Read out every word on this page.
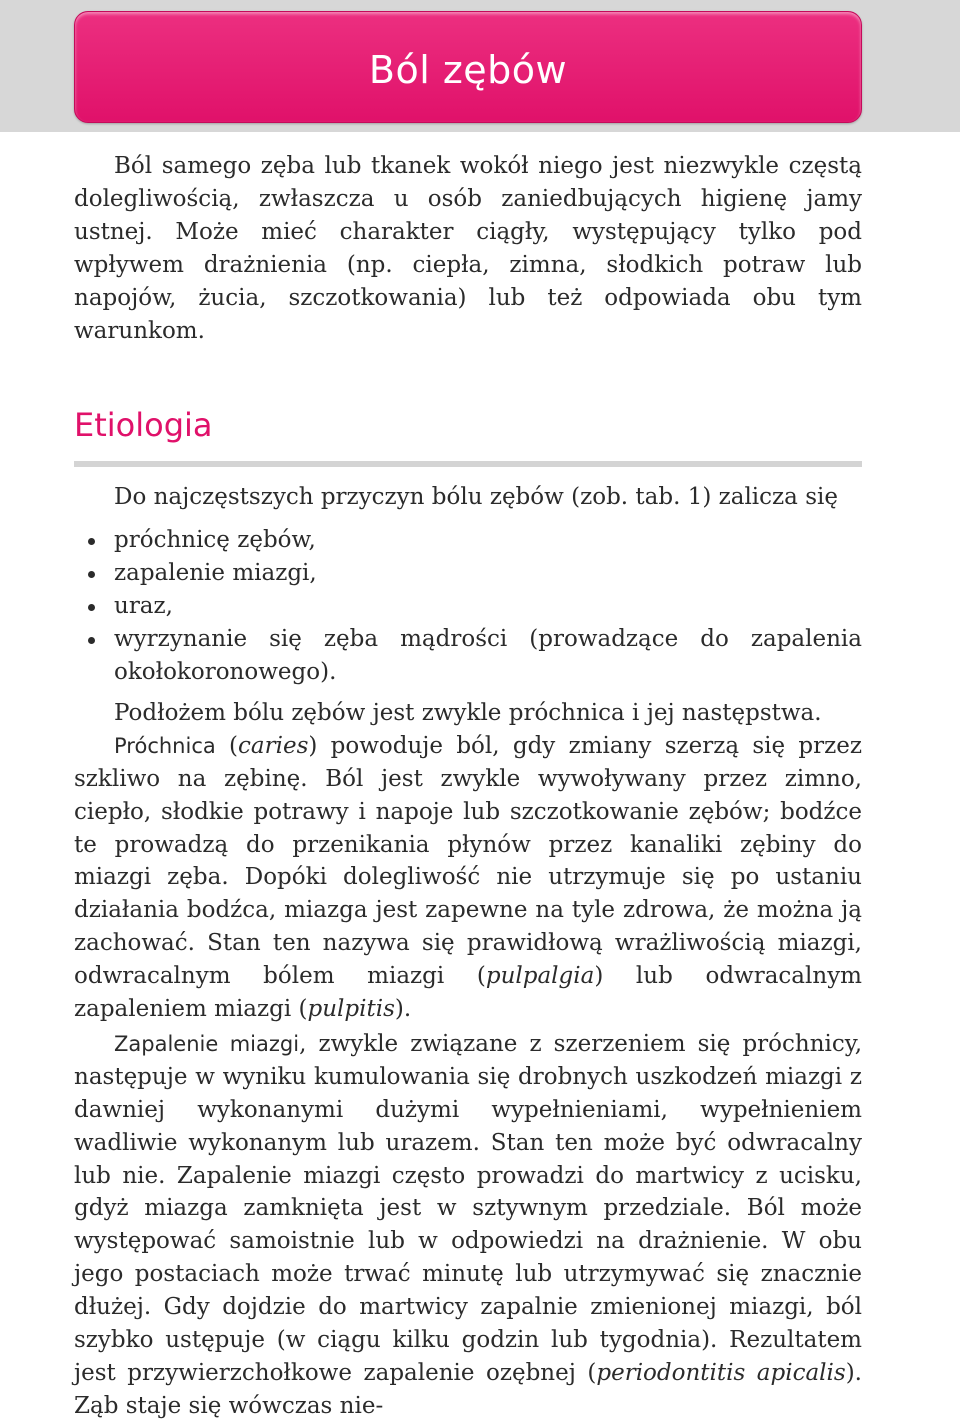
Ból zębów

Ból samego zęba lub tkanek wokół niego jest niezwykle częstą dolegliwością, zwłaszcza u osób zaniedbujących higienę jamy ustnej. Może mieć charakter ciągły, występujący tylko pod wpływem drażnienia (np. ciepła, zimna, słodkich potraw lub napojów, żucia, szczotkowania) lub też odpowiada obu tym warunkom.

Etiologia

Do najczęstszych przyczyn bólu zębów (zob. tab. 1) zalicza się

próchnicę zębów,
zapalenie miazgi,
uraz,
wyrzynanie się zęba mądrości (prowadzące do zapalenia okołokoronowego).

Podłożem bólu zębów jest zwykle próchnica i jej następstwa.

Próchnica (caries) powoduje ból, gdy zmiany szerzą się przez szkliwo na zębinę. Ból jest zwykle wywoływany przez zimno, ciepło, słodkie potrawy i napoje lub szczotkowanie zębów; bodźce te prowadzą do przenikania płynów przez kanaliki zębiny do miazgi zęba. Dopóki dolegliwość nie utrzymuje się po ustaniu działania bodźca, miazga jest zapewne na tyle zdrowa, że można ją zachować. Stan ten nazywa się prawidłową wrażliwością miazgi, odwracalnym bólem miazgi (pulpalgia) lub odwracalnym zapaleniem miazgi (pulpitis).

Zapalenie miazgi, zwykle związane z szerzeniem się próchnicy, następuje w wyniku kumulowania się drobnych uszkodzeń miazgi z dawniej wykonanymi dużymi wypełnieniami, wypełnieniem wadliwie wykonanym lub urazem. Stan ten może być odwracalny lub nie. Zapalenie miazgi często prowadzi do martwicy z ucisku, gdyż miazga zamknięta jest w sztywnym przedziale. Ból może występować samoistnie lub w odpowiedzi na drażnienie. W obu jego postaciach może trwać minutę lub utrzymywać się znacznie dłużej. Gdy dojdzie do martwicy zapalnie zmienionej miazgi, ból szybko ustępuje (w ciągu kilku godzin lub tygodnia). Rezultatem jest przywierzchołkowe zapalenie ozębnej (periodontitis apicalis). Ząb staje się wówczas nie-
